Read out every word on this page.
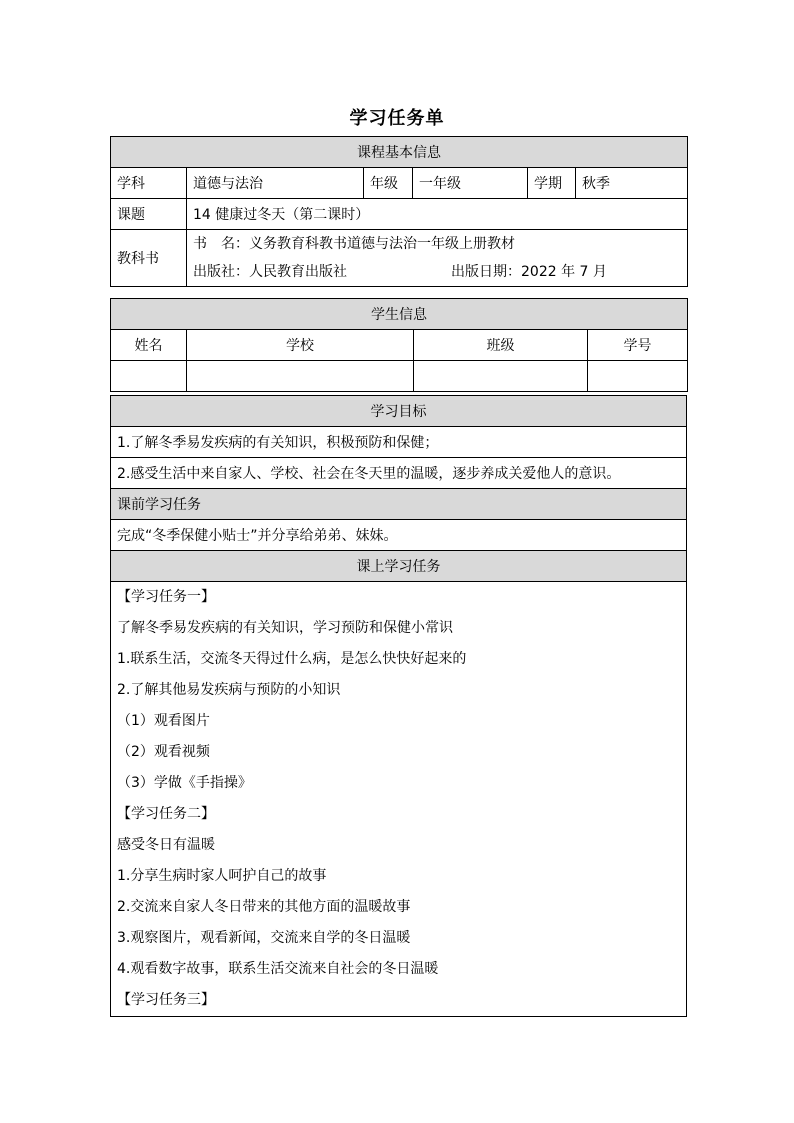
学习任务单
课程基本信息					
学科	道德与法治	年级	一年级	学期	秋季
课题	14 健康过冬天（第二课时）				
教科书	书　名：义务教育科教书道德与法治一年级上册教材
出版社：人民教育出版社 出版日期：2022 年 7 月				
学生信息			
姓名	学校	班级	学号

学习目标
1.了解冬季易发疾病的有关知识，积极预防和保健；
2.感受生活中来自家人、学校、社会在冬天里的温暖，逐步养成关爱他人的意识。
课前学习任务
完成“冬季保健小贴士”并分享给弟弟、妹妹。
课上学习任务

【学习任务一】
了解冬季易发疾病的有关知识，学习预防和保健小常识
1.联系生活，交流冬天得过什么病，是怎么快快好起来的
2.了解其他易发疾病与预防的小知识
（1）观看图片
（2）观看视频
（3）学做《手指操》
【学习任务二】
感受冬日有温暖
1.分享生病时家人呵护自己的故事
2.交流来自家人冬日带来的其他方面的温暖故事
3.观察图片，观看新闻，交流来自学的冬日温暖
4.观看数字故事，联系生活交流来自社会的冬日温暖
【学习任务三】
